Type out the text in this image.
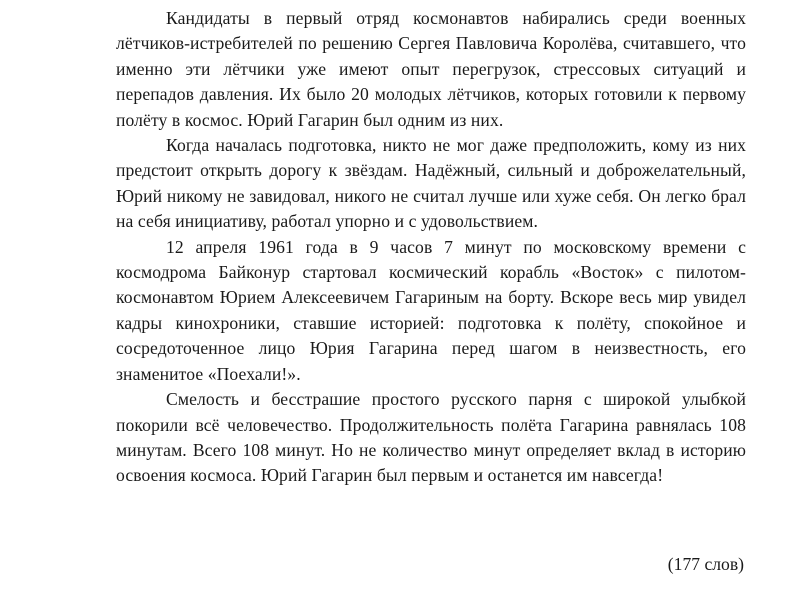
Кандидаты в первый отряд космонавтов набирались среди военных лётчиков-истребителей по решению Сергея Павловича Королёва, считавшего, что именно эти лётчики уже имеют опыт перегрузок, стрессовых ситуаций и перепадов давления. Их было 20 молодых лётчиков, которых готовили к первому полёту в космос. Юрий Гагарин был одним из них.

Когда началась подготовка, никто не мог даже предположить, кому из них предстоит открыть дорогу к звёздам. Надёжный, сильный и доброжелательный, Юрий никому не завидовал, никого не считал лучше или хуже себя. Он легко брал на себя инициативу, работал упорно и с удовольствием.

12 апреля 1961 года в 9 часов 7 минут по московскому времени с космодрома Байконур стартовал космический корабль «Восток» с пилотом-космонавтом Юрием Алексеевичем Гагариным на борту. Вскоре весь мир увидел кадры кинохроники, ставшие историей: подготовка к полёту, спокойное и сосредоточенное лицо Юрия Гагарина перед шагом в неизвестность, его знаменитое «Поехали!».

Смелость и бесстрашие простого русского парня с широкой улыбкой покорили всё человечество. Продолжительность полёта Гагарина равнялась 108 минутам. Всего 108 минут. Но не количество минут определяет вклад в историю освоения космоса. Юрий Гагарин был первым и останется им навсегда!

(177 слов)
